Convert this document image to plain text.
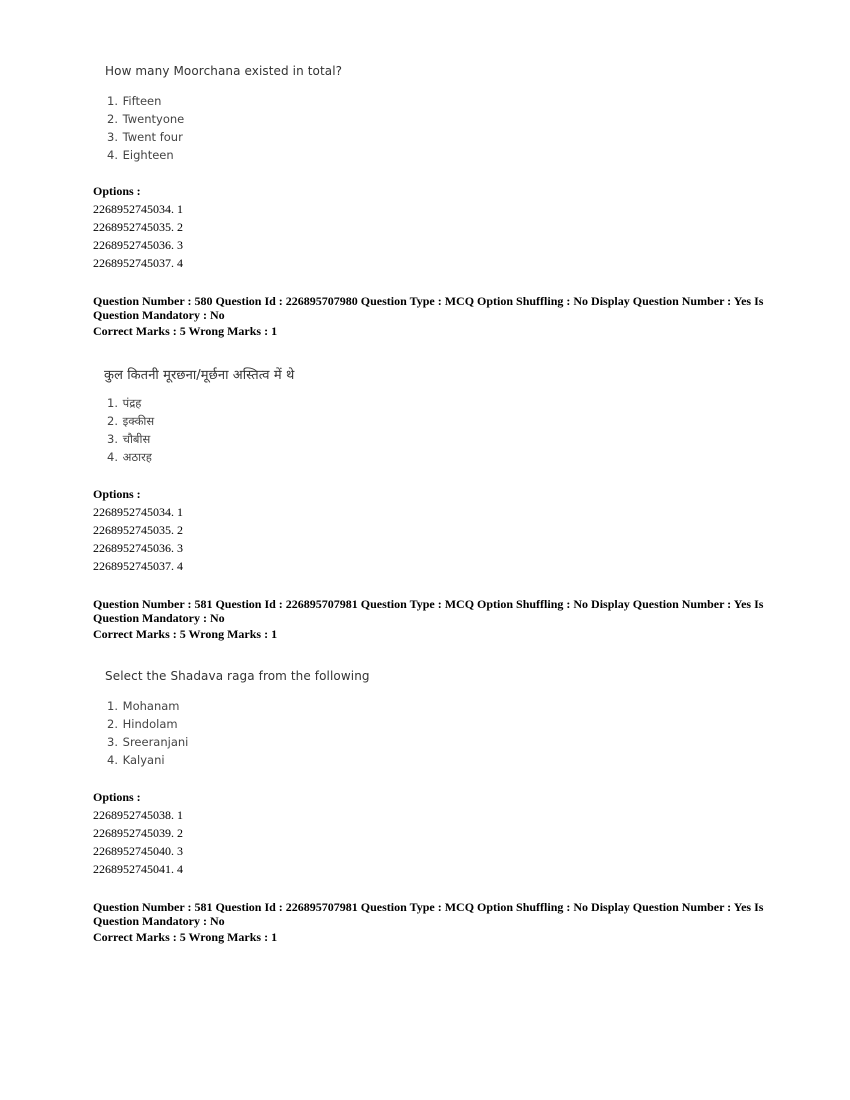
How many Moorchana existed in total?
1. Fifteen
2. Twentyone
3. Twent four
4. Eighteen
Options :
2268952745034. 1
2268952745035. 2
2268952745036. 3
2268952745037. 4
Question Number : 580 Question Id : 226895707980 Question Type : MCQ Option Shuffling : No Display Question Number : Yes Is
Question Mandatory : No
Correct Marks : 5 Wrong Marks : 1
कुल कितनी मूरछना/मूर्छना अस्तित्व में थे
1. पंद्रह
2. इक्कीस
3. चौबीस
4. अठारह
Options :
2268952745034. 1
2268952745035. 2
2268952745036. 3
2268952745037. 4
Question Number : 581 Question Id : 226895707981 Question Type : MCQ Option Shuffling : No Display Question Number : Yes Is
Question Mandatory : No
Correct Marks : 5 Wrong Marks : 1
Select the Shadava raga from the following
1. Mohanam
2. Hindolam
3. Sreeranjani
4. Kalyani
Options :
2268952745038. 1
2268952745039. 2
2268952745040. 3
2268952745041. 4
Question Number : 581 Question Id : 226895707981 Question Type : MCQ Option Shuffling : No Display Question Number : Yes Is
Question Mandatory : No
Correct Marks : 5 Wrong Marks : 1
